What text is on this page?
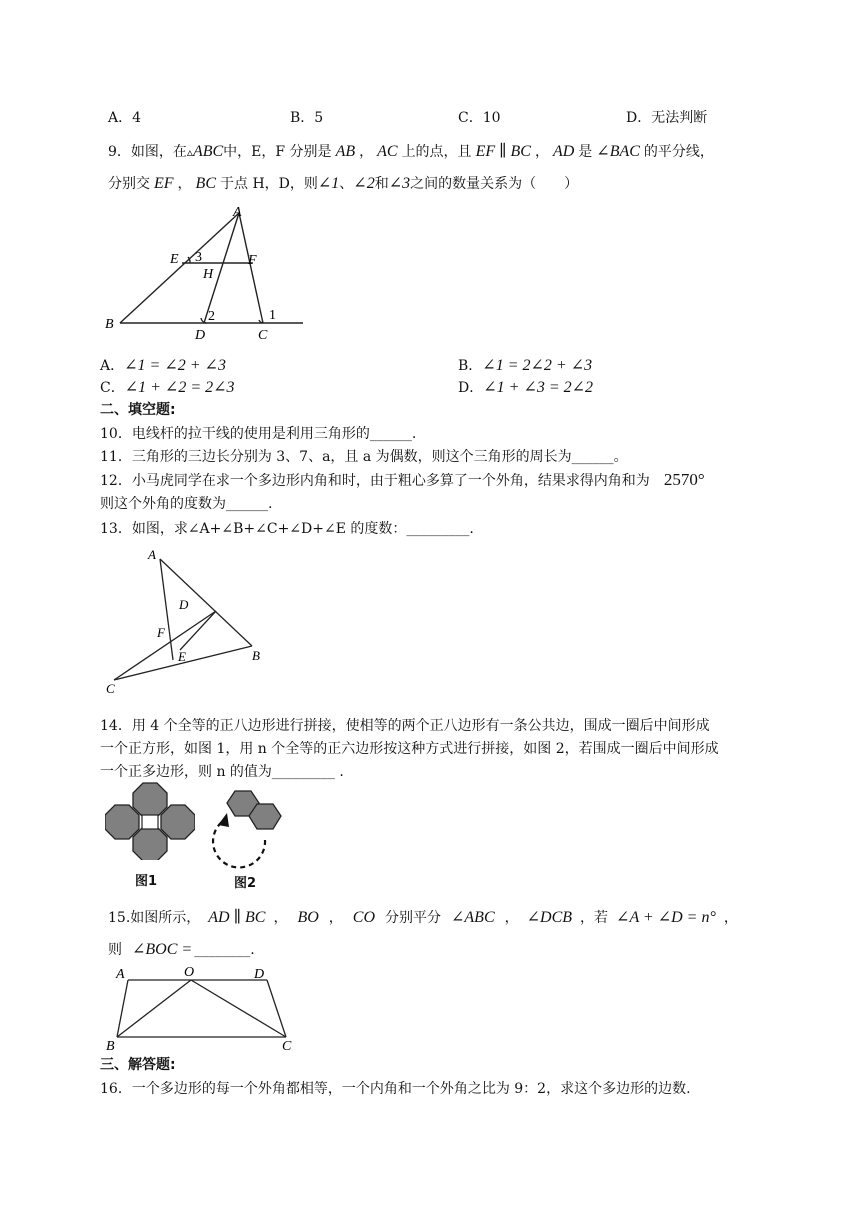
A．4	B．5	C．10	D．无法判断
9．如图，在▵ABC中，E，F 分别是 AB ， AC 上的点，且 EF ∥ BC ， AD 是 ∠BAC 的平分线，
分别交 EF ， BC 于点 H，D，则∠1、∠2和∠3之间的数量关系为（　　）
A
E 3
H
F
B
2
D
1
C
A．∠1 = ∠2 + ∠3	B．∠1 = 2∠2 + ∠3
C．∠1 + ∠2 = 2∠3	D．∠1 + ∠3 = 2∠2
二、填空题:
10．电线杆的拉干线的使用是利用三角形的______.
11．三角形的三边长分别为 3、7、a，且 a 为偶数，则这个三角形的周长为______。
12．小马虎同学在求一个多边形内角和时，由于粗心多算了一个外角，结果求得内角和为 2570°
则这个外角的度数为______.
13．如图，求∠A+∠B+∠C+∠D+∠E 的度数：_________.
A
D
F
E	B
C
14．用 4 个全等的正八边形进行拼接，使相等的两个正八边形有一条公共边，围成一圈后中间形成
一个正方形，如图 1，用 n 个全等的正六边形按这种方式进行拼接，如图 2，若围成一圈后中间形成
一个正多边形，则 n 的值为_________ .
图1	图2
15.如图所示， AD ∥ BC ， BO ， CO 分别平分 ∠ABC ， ∠DCB ，若 ∠A + ∠D = n° ，
则 ∠BOC = ________.
A	O	D
B	C
三、解答题:
16．一个多边形的每一个外角都相等，一个内角和一个外角之比为 9：2，求这个多边形的边数.
